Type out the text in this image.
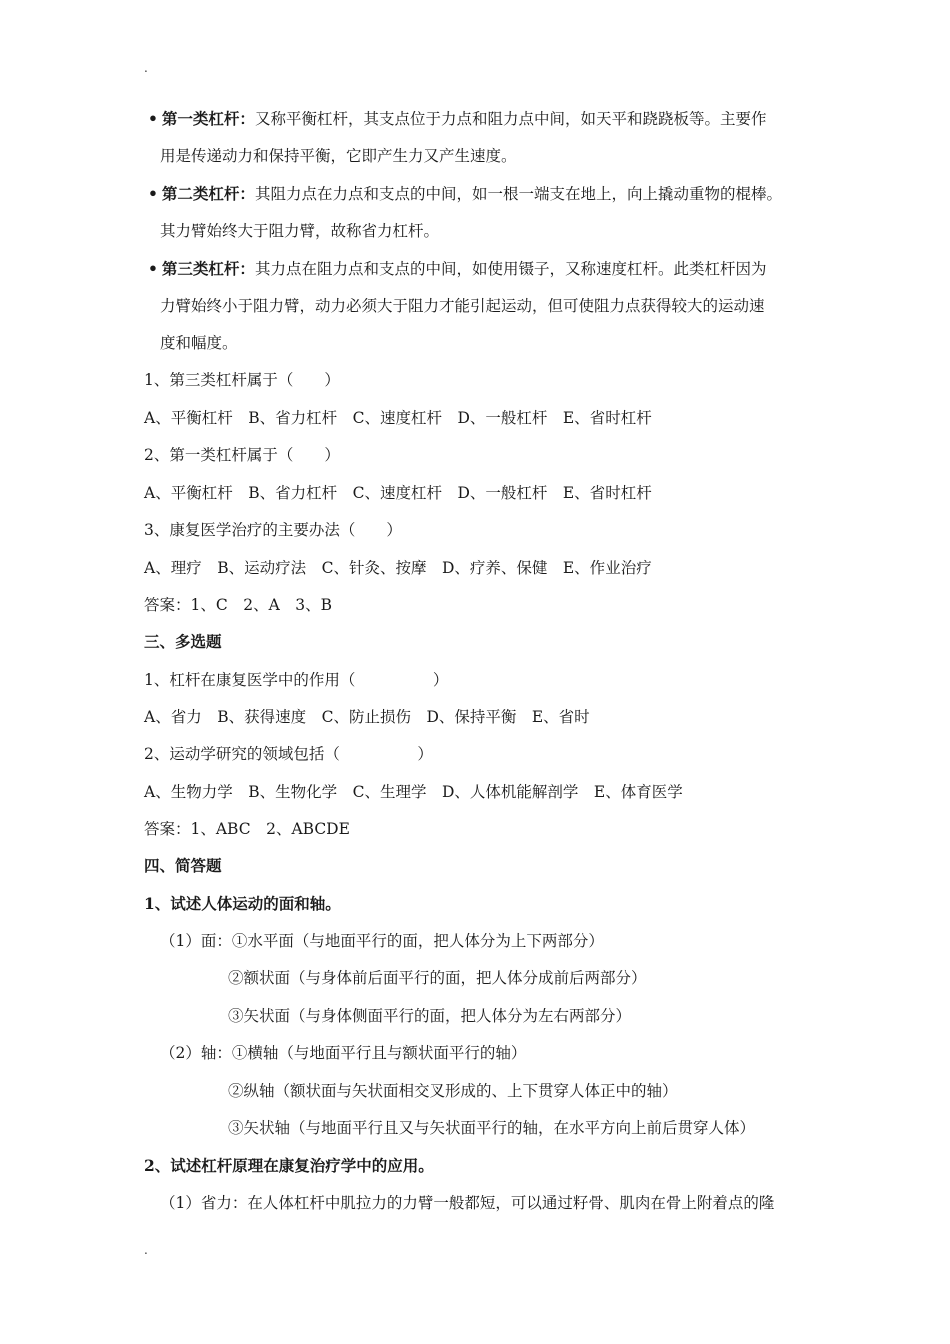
.
• 第一类杠杆：又称平衡杠杆，其支点位于力点和阻力点中间，如天平和跷跷板等。主要作
用是传递动力和保持平衡，它即产生力又产生速度。
• 第二类杠杆：其阻力点在力点和支点的中间，如一根一端支在地上，向上撬动重物的棍棒。
其力臂始终大于阻力臂，故称省力杠杆。
• 第三类杠杆：其力点在阻力点和支点的中间，如使用镊子，又称速度杠杆。此类杠杆因为
力臂始终小于阻力臂，动力必须大于阻力才能引起运动，但可使阻力点获得较大的运动速
度和幅度。
1、第三类杠杆属于（　　）
A、平衡杠杆　B、省力杠杆　C、速度杠杆　D、一般杠杆　E、省时杠杆
2、第一类杠杆属于（　　）
A、平衡杠杆　B、省力杠杆　C、速度杠杆　D、一般杠杆　E、省时杠杆
3、康复医学治疗的主要办法（　　）
A、理疗　B、运动疗法　C、针灸、按摩　D、疗养、保健　E、作业治疗
答案：1、C　2、A　3、B
三、多选题
1、杠杆在康复医学中的作用（　　　　　）
A、省力　B、获得速度　C、防止损伤　D、保持平衡　E、省时
2、运动学研究的领域包括（　　　　　）
A、生物力学　B、生物化学　C、生理学　D、人体机能解剖学　E、体育医学
答案：1、ABC　2、ABCDE
四、简答题
1、试述人体运动的面和轴。
（1）面：①水平面（与地面平行的面，把人体分为上下两部分）
②额状面（与身体前后面平行的面，把人体分成前后两部分）
③矢状面（与身体侧面平行的面，把人体分为左右两部分）
（2）轴：①横轴（与地面平行且与额状面平行的轴）
②纵轴（额状面与矢状面相交叉形成的、上下贯穿人体正中的轴）
③矢状轴（与地面平行且又与矢状面平行的轴，在水平方向上前后贯穿人体）
2、试述杠杆原理在康复治疗学中的应用。
（1）省力：在人体杠杆中肌拉力的力臂一般都短，可以通过籽骨、肌肉在骨上附着点的隆
.
